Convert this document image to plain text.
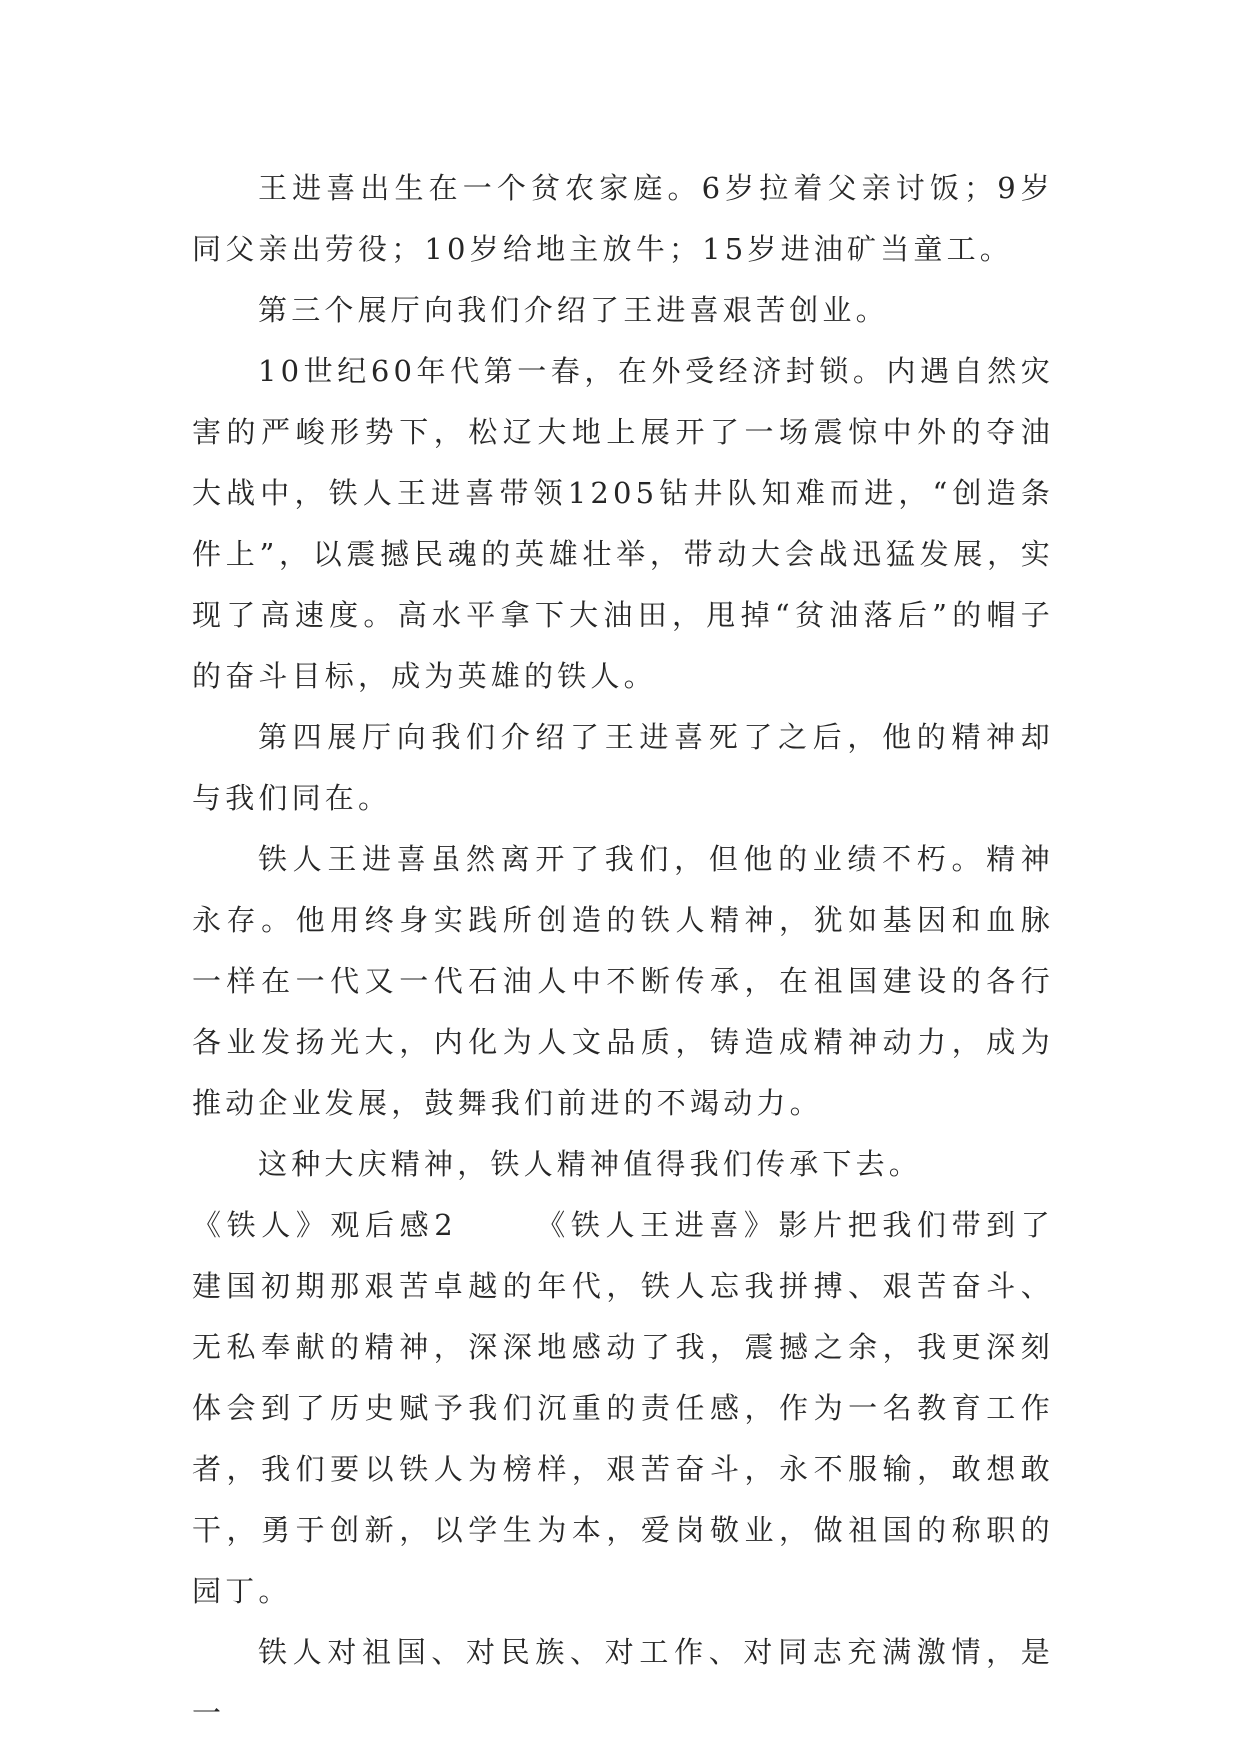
王进喜出生在一个贫农家庭。6岁拉着父亲讨饭；9岁同父亲出劳役；10岁给地主放牛；15岁进油矿当童工。

第三个展厅向我们介绍了王进喜艰苦创业。

10世纪60年代第一春，在外受经济封锁。内遇自然灾害的严峻形势下，松辽大地上展开了一场震惊中外的夺油大战中，铁人王进喜带领1205钻井队知难而进，“创造条件上”，以震撼民魂的英雄壮举，带动大会战迅猛发展，实现了高速度。高水平拿下大油田，甩掉“贫油落后”的帽子的奋斗目标，成为英雄的铁人。

第四展厅向我们介绍了王进喜死了之后，他的精神却与我们同在。

铁人王进喜虽然离开了我们，但他的业绩不朽。精神永存。他用终身实践所创造的铁人精神，犹如基因和血脉一样在一代又一代石油人中不断传承，在祖国建设的各行各业发扬光大，内化为人文品质，铸造成精神动力，成为推动企业发展，鼓舞我们前进的不竭动力。

这种大庆精神，铁人精神值得我们传承下去。

《铁人》观后感2	《铁人王进喜》影片把我们带到了建国初期那艰苦卓越的年代，铁人忘我拼搏、艰苦奋斗、无私奉献的精神，深深地感动了我，震撼之余，我更深刻体会到了历史赋予我们沉重的责任感，作为一名教育工作者，我们要以铁人为榜样，艰苦奋斗，永不服输，敢想敢干，勇于创新，以学生为本，爱岗敬业，做祖国的称职的园丁。

铁人对祖国、对民族、对工作、对同志充满激情，是一
